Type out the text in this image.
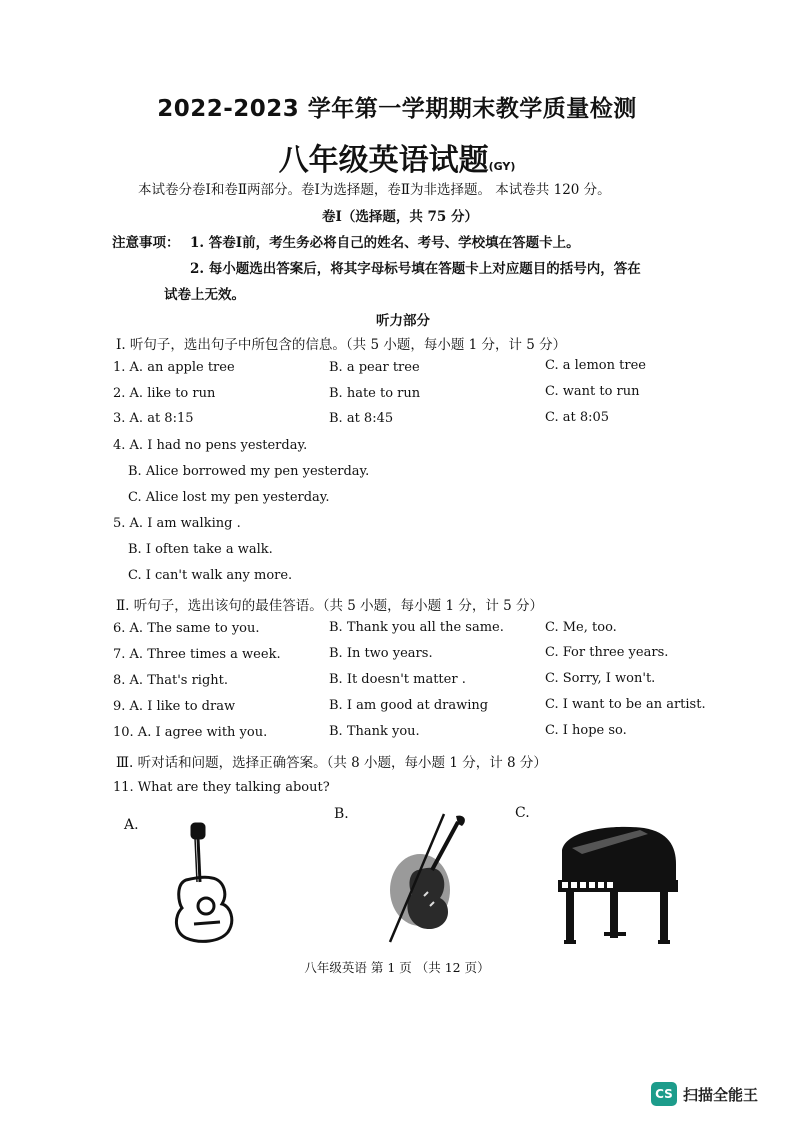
2022-2023 学年第一学期期末教学质量检测
八年级英语试题(GY)
本试卷分卷Ⅰ和卷Ⅱ两部分。卷Ⅰ为选择题，卷Ⅱ为非选择题。 本试卷共 120 分。
卷Ⅰ（选择题，共 75 分）
注意事项： 1. 答卷Ⅰ前，考生务必将自己的姓名、考号、学校填在答题卡上。
2. 每小题选出答案后，将其字母标号填在答题卡上对应题目的括号内，答在
试卷上无效。
听力部分
Ⅰ. 听句子，选出句子中所包含的信息。（共 5 小题，每小题 1 分，计 5 分）
1. A. an apple tree	B. a pear tree	C. a lemon tree
2. A. like to run	B. hate to run	C. want to run
3. A. at 8:15	B. at 8:45	C. at 8:05
4. A. I had no pens yesterday.
B. Alice borrowed my pen yesterday.
C. Alice lost my pen yesterday.
5. A. I am walking .
B. I often take a walk.
C. I can't walk any more.
Ⅱ. 听句子，选出该句的最佳答语。（共 5 小题，每小题 1 分，计 5 分）
6. A. The same to you.	B. Thank you all the same.	C. Me, too.
7. A. Three times a week.	B. In two years.	C. For three years.
8. A. That's right.	B. It doesn't matter .	C. Sorry, I won't.
9. A. I like to draw	B. I am good at drawing	C. I want to be an artist.
10. A. I agree with you.	B. Thank you.	C. I hope so.
Ⅲ. 听对话和问题，选择正确答案。（共 8 小题，每小题 1 分，计 8 分）
11. What are they talking about?
A.
B.	C.
八年级英语 第 1 页 （共 12 页）
CS 扫描全能王
